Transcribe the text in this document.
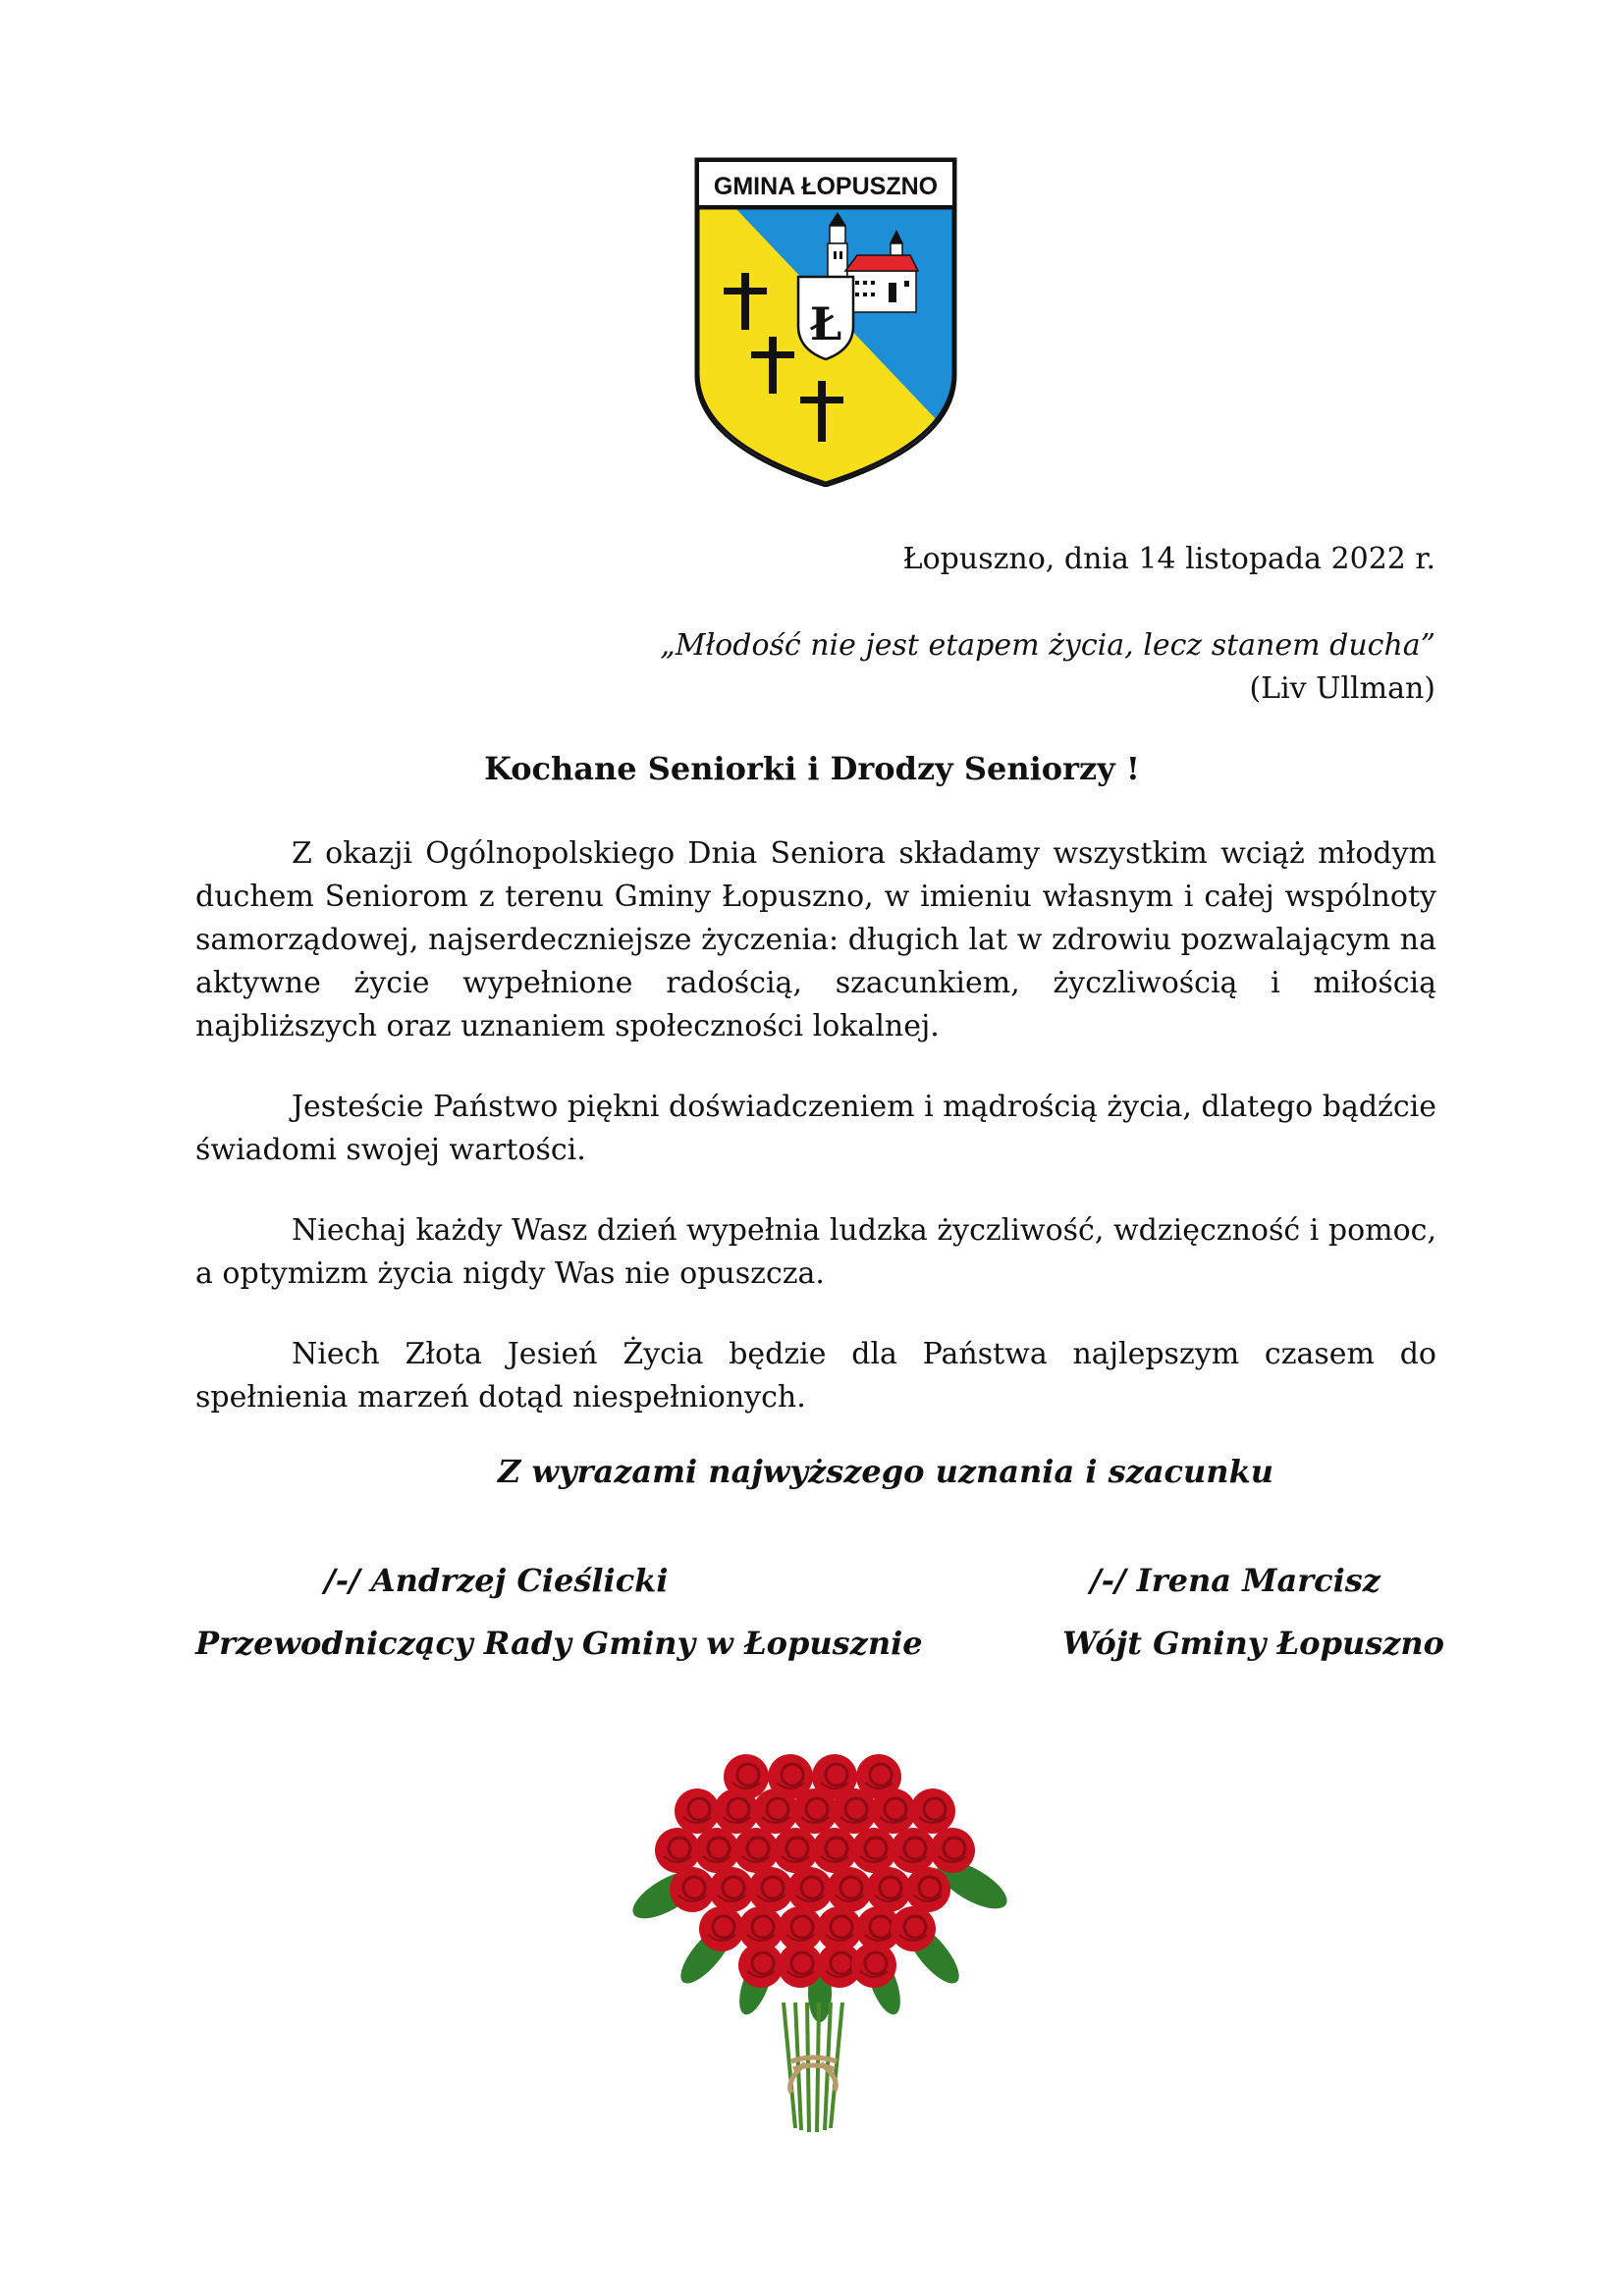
GMINA ŁOPUSZNO
Ł
Łopuszno, dnia 14 listopada 2022 r.
„Młodość nie jest etapem życia, lecz stanem ducha”
(Liv Ullman)
Kochane Seniorki i Drodzy Seniorzy !
Z okazji Ogólnopolskiego Dnia Seniora składamy wszystkim wciąż młodym duchem Seniorom z terenu Gminy Łopuszno, w imieniu własnym i całej wspólnoty samorządowej, najserdeczniejsze życzenia: długich lat w zdrowiu pozwalającym na aktywne życie wypełnione radością, szacunkiem, życzliwością i miłością najbliższych oraz uznaniem społeczności lokalnej.
Jesteście Państwo piękni doświadczeniem i mądrością życia, dlatego bądźcie świadomi swojej wartości.
Niechaj każdy Wasz dzień wypełnia ludzka życzliwość, wdzięczność i pomoc, a optymizm życia nigdy Was nie opuszcza.
Niech Złota Jesień Życia będzie dla Państwa najlepszym czasem do spełnienia marzeń dotąd niespełnionych.
Z wyrazami najwyższego uznania i szacunku
/-/ Andrzej Cieślicki
Przewodniczący Rady Gminy w Łopusznie
/-/ Irena Marcisz
Wójt Gminy Łopuszno
